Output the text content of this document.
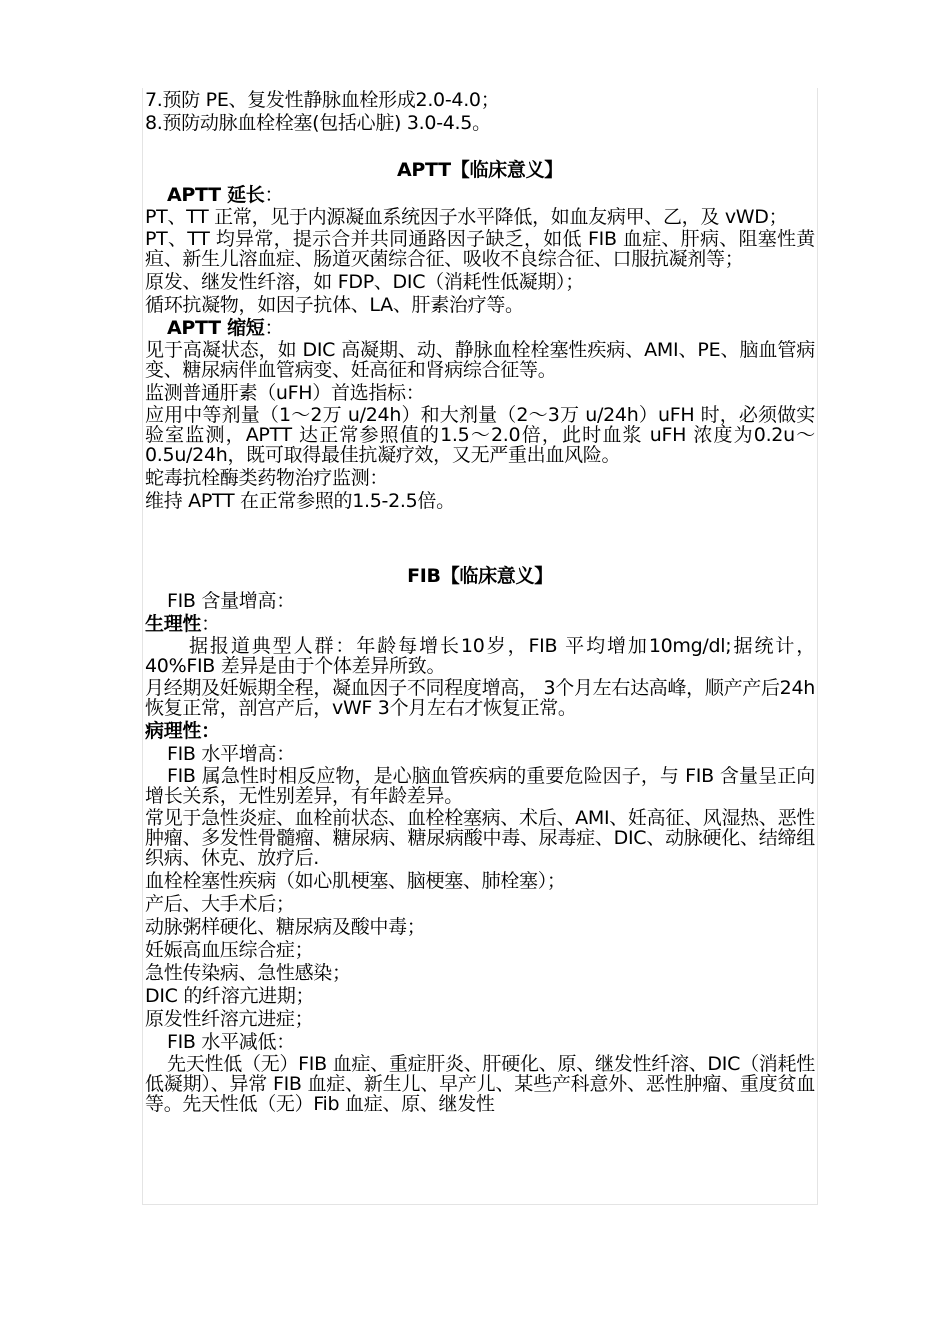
7.预防 PE、复发性静脉血栓形成2.0-4.0；

8.预防动脉血栓栓塞(包括心脏) 3.0-4.5。

APTT【临床意义】

APTT 延长：

PT、TT 正常，见于内源凝血系统因子水平降低，如血友病甲、乙，及 vWD；

PT、TT 均异常，提示合并共同通路因子缺乏，如低 FIB 血症、肝病、阻塞性黄疸、新生儿溶血症、肠道灭菌综合征、吸收不良综合征、口服抗凝剂等；

原发、继发性纤溶，如 FDP、DIC（消耗性低凝期）；

循环抗凝物，如因子抗体、LA、肝素治疗等。

APTT 缩短：

见于高凝状态，如 DIC 高凝期、动、静脉血栓栓塞性疾病、AMI、PE、脑血管病变、糖尿病伴血管病变、妊高征和肾病综合征等。

监测普通肝素（uFH）首选指标：

应用中等剂量（1～2万 u/24h）和大剂量（2～3万 u/24h）uFH 时，必须做实验室监测，APTT 达正常参照值的1.5～2.0倍，此时血浆 uFH 浓度为0.2u～0.5u/24h，既可取得最佳抗凝疗效，又无严重出血风险。

蛇毒抗栓酶类药物治疗监测：

维持 APTT 在正常参照的1.5-2.5倍。

FIB【临床意义】

FIB 含量增高：

生理性：

据报道典型人群：年龄每增长10岁，FIB 平均增加10mg/dl;据统计，40%FIB 差异是由于个体差异所致。

月经期及妊娠期全程，凝血因子不同程度增高， 3个月左右达高峰，顺产产后24h 恢复正常，剖宫产后，vWF 3个月左右才恢复正常。

病理性：

FIB 水平增高：

FIB 属急性时相反应物，是心脑血管疾病的重要危险因子，与 FIB 含量呈正向增长关系，无性别差异，有年龄差异。

常见于急性炎症、血栓前状态、血栓栓塞病、术后、AMI、妊高征、风湿热、恶性肿瘤、多发性骨髓瘤、糖尿病、糖尿病酸中毒、尿毒症、DIC、动脉硬化、结缔组织病、休克、放疗后.

血栓栓塞性疾病（如心肌梗塞、脑梗塞、肺栓塞）；

产后、大手术后；

动脉粥样硬化、糖尿病及酸中毒；

妊娠高血压综合症；

急性传染病、急性感染；

DIC 的纤溶亢进期；

原发性纤溶亢进症；

FIB 水平减低：

先天性低（无）FIB 血症、重症肝炎、肝硬化、原、继发性纤溶、DIC（消耗性低凝期）、异常 FIB 血症、新生儿、早产儿、某些产科意外、恶性肿瘤、重度贫血等。先天性低（无）Fib 血症、原、继发性
